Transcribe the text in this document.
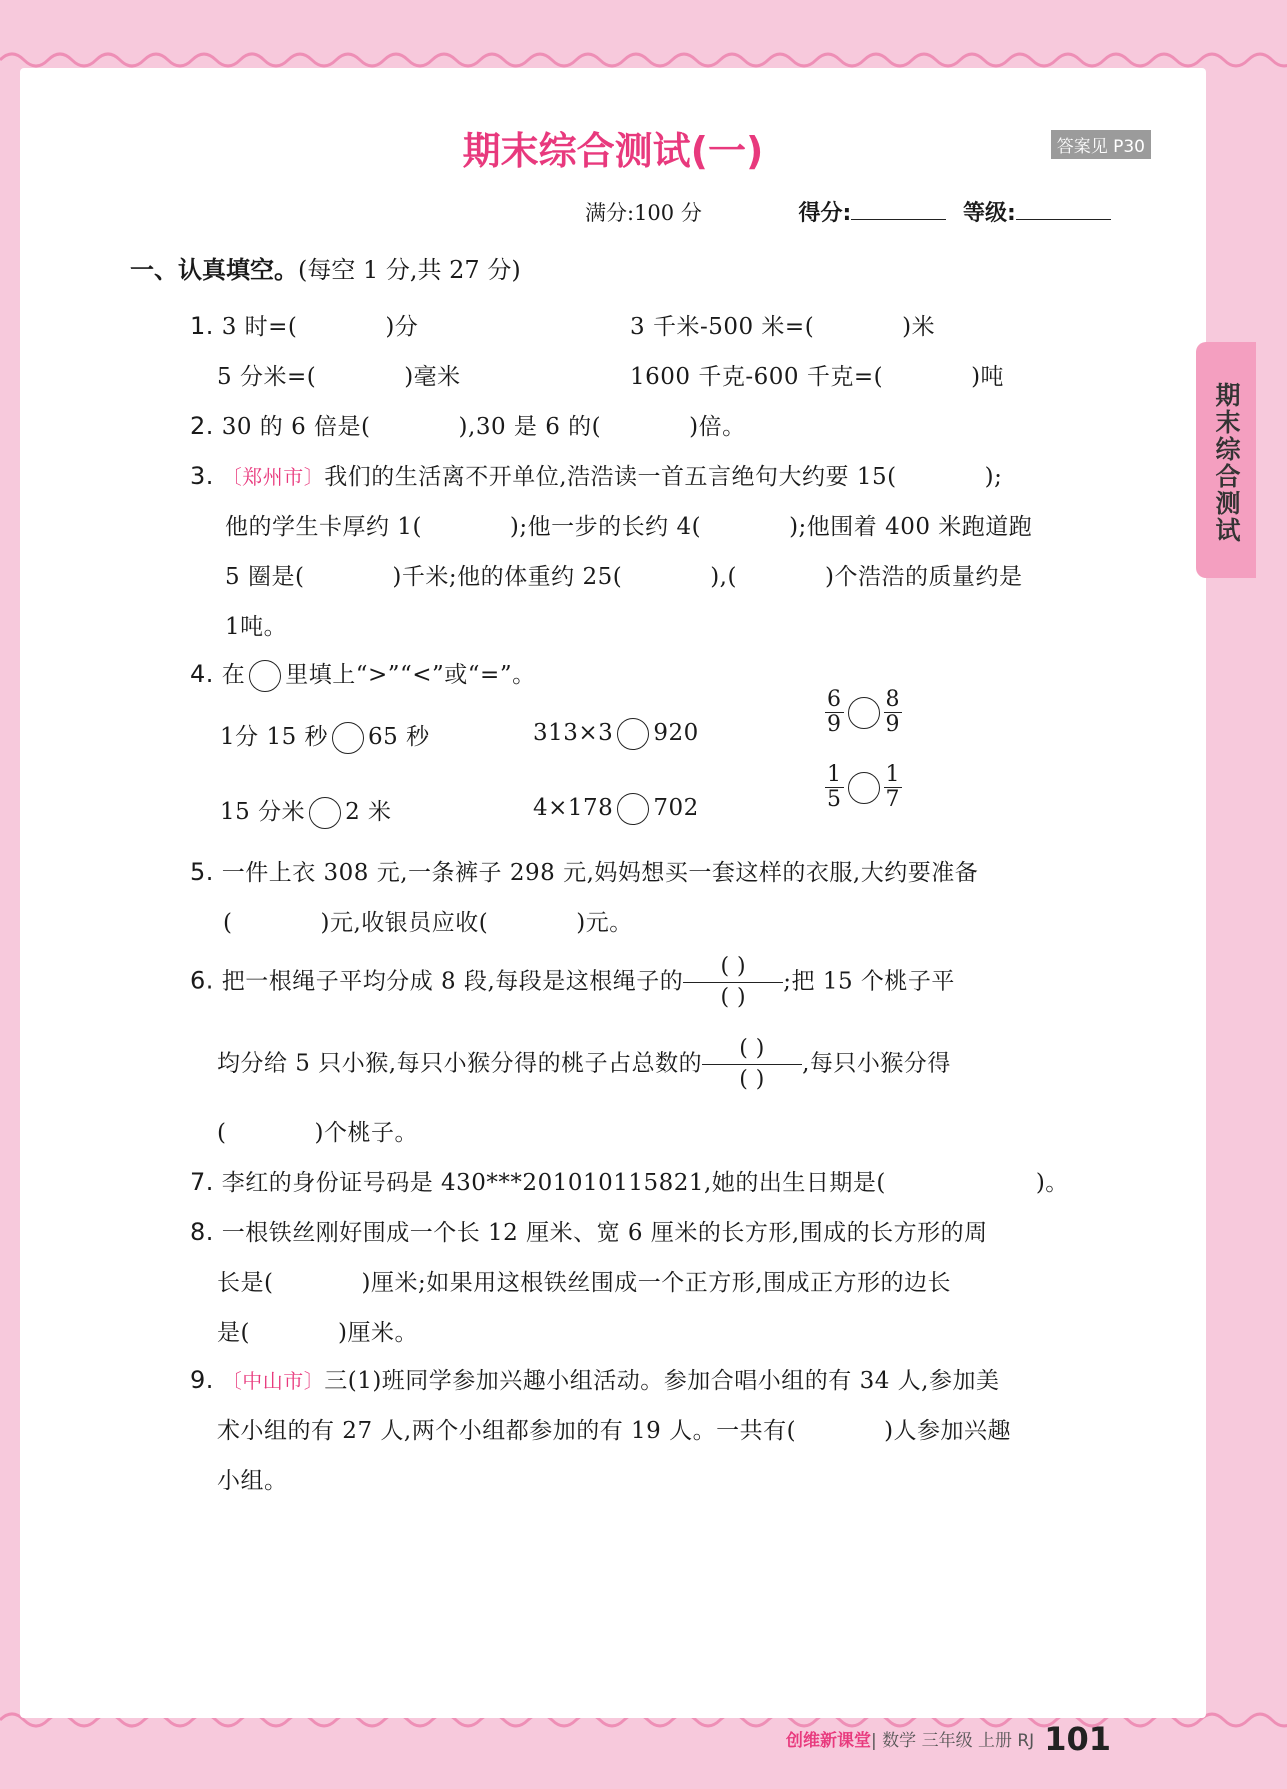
期末综合测试(一)	答案见 P30
满分:100 分	得分:	等级:
一、认真填空。(每空 1 分,共 27 分)
1. 3 时=(	)分	3 千米-500 米=(	)米
5 分米=(	)毫米	1600 千克-600 千克=(	)吨
2. 30 的 6 倍是(	),30 是 6 的(	)倍。
3. 〔郑州市〕我们的生活离不开单位,浩浩读一首五言绝句大约要 15(	);
他的学生卡厚约 1(	);他一步的长约 4(	);他围着 400 米跑道跑
5 圈是(	)千米;他的体重约 25(	),(	)个浩浩的质量约是
1吨。
4. 在 里填上“>”“<”或“=”。
1分 15 秒 65 秒	313×3 920	$\frac{6}{9} \frac{8}{9}$
15 分米 2 米	4×178 702	$\frac{1}{5} \frac{1}{7}$
5. 一件上衣 308 元,一条裤子 298 元,妈妈想买一套这样的衣服,大约要准备
(	)元,收银员应收(	)元。
6. 把一根绳子平均分成 8 段,每段是这根绳子的 $\frac{( )}{( )}$;把 15 个桃子平
均分给 5 只小猴,每只小猴分得的桃子占总数的 $\frac{( )}{( )}$,每只小猴分得
(	)个桃子。
7. 李红的身份证号码是 430***201010115821,她的出生日期是(	)。
8. 一根铁丝刚好围成一个长 12 厘米、宽 6 厘米的长方形,围成的长方形的周
长是(	)厘米;如果用这根铁丝围成一个正方形,围成正方形的边长
是(	)厘米。
9. 〔中山市〕三(1)班同学参加兴趣小组活动。参加合唱小组的有 34 人,参加美
术小组的有 27 人,两个小组都参加的有 19 人。一共有(	)人参加兴趣
小组。
创维新课堂| 数学 三年级 上册 RJ 101
期末综合测试
